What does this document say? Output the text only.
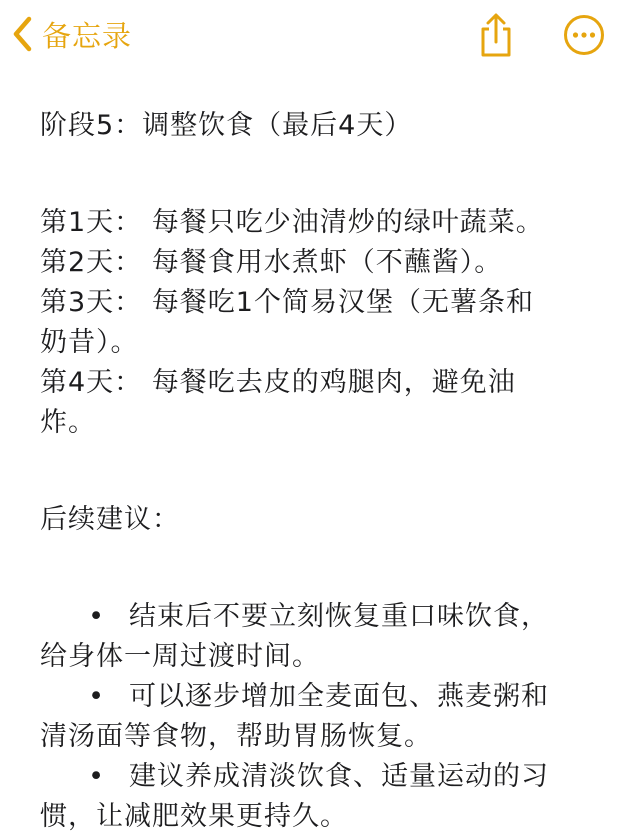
备忘录
阶段5：调整饮食（最后4天）
第1天： 每餐只吃少油清炒的绿叶蔬菜。
第2天： 每餐食用水煮虾（不蘸酱）。
第3天： 每餐吃1个简易汉堡（无薯条和
奶昔）。
第4天： 每餐吃去皮的鸡腿肉，避免油
炸。
后续建议：
• 结束后不要立刻恢复重口味饮食，
给身体一周过渡时间。
• 可以逐步增加全麦面包、燕麦粥和
清汤面等食物，帮助胃肠恢复。
• 建议养成清淡饮食、适量运动的习
惯，让减肥效果更持久。
